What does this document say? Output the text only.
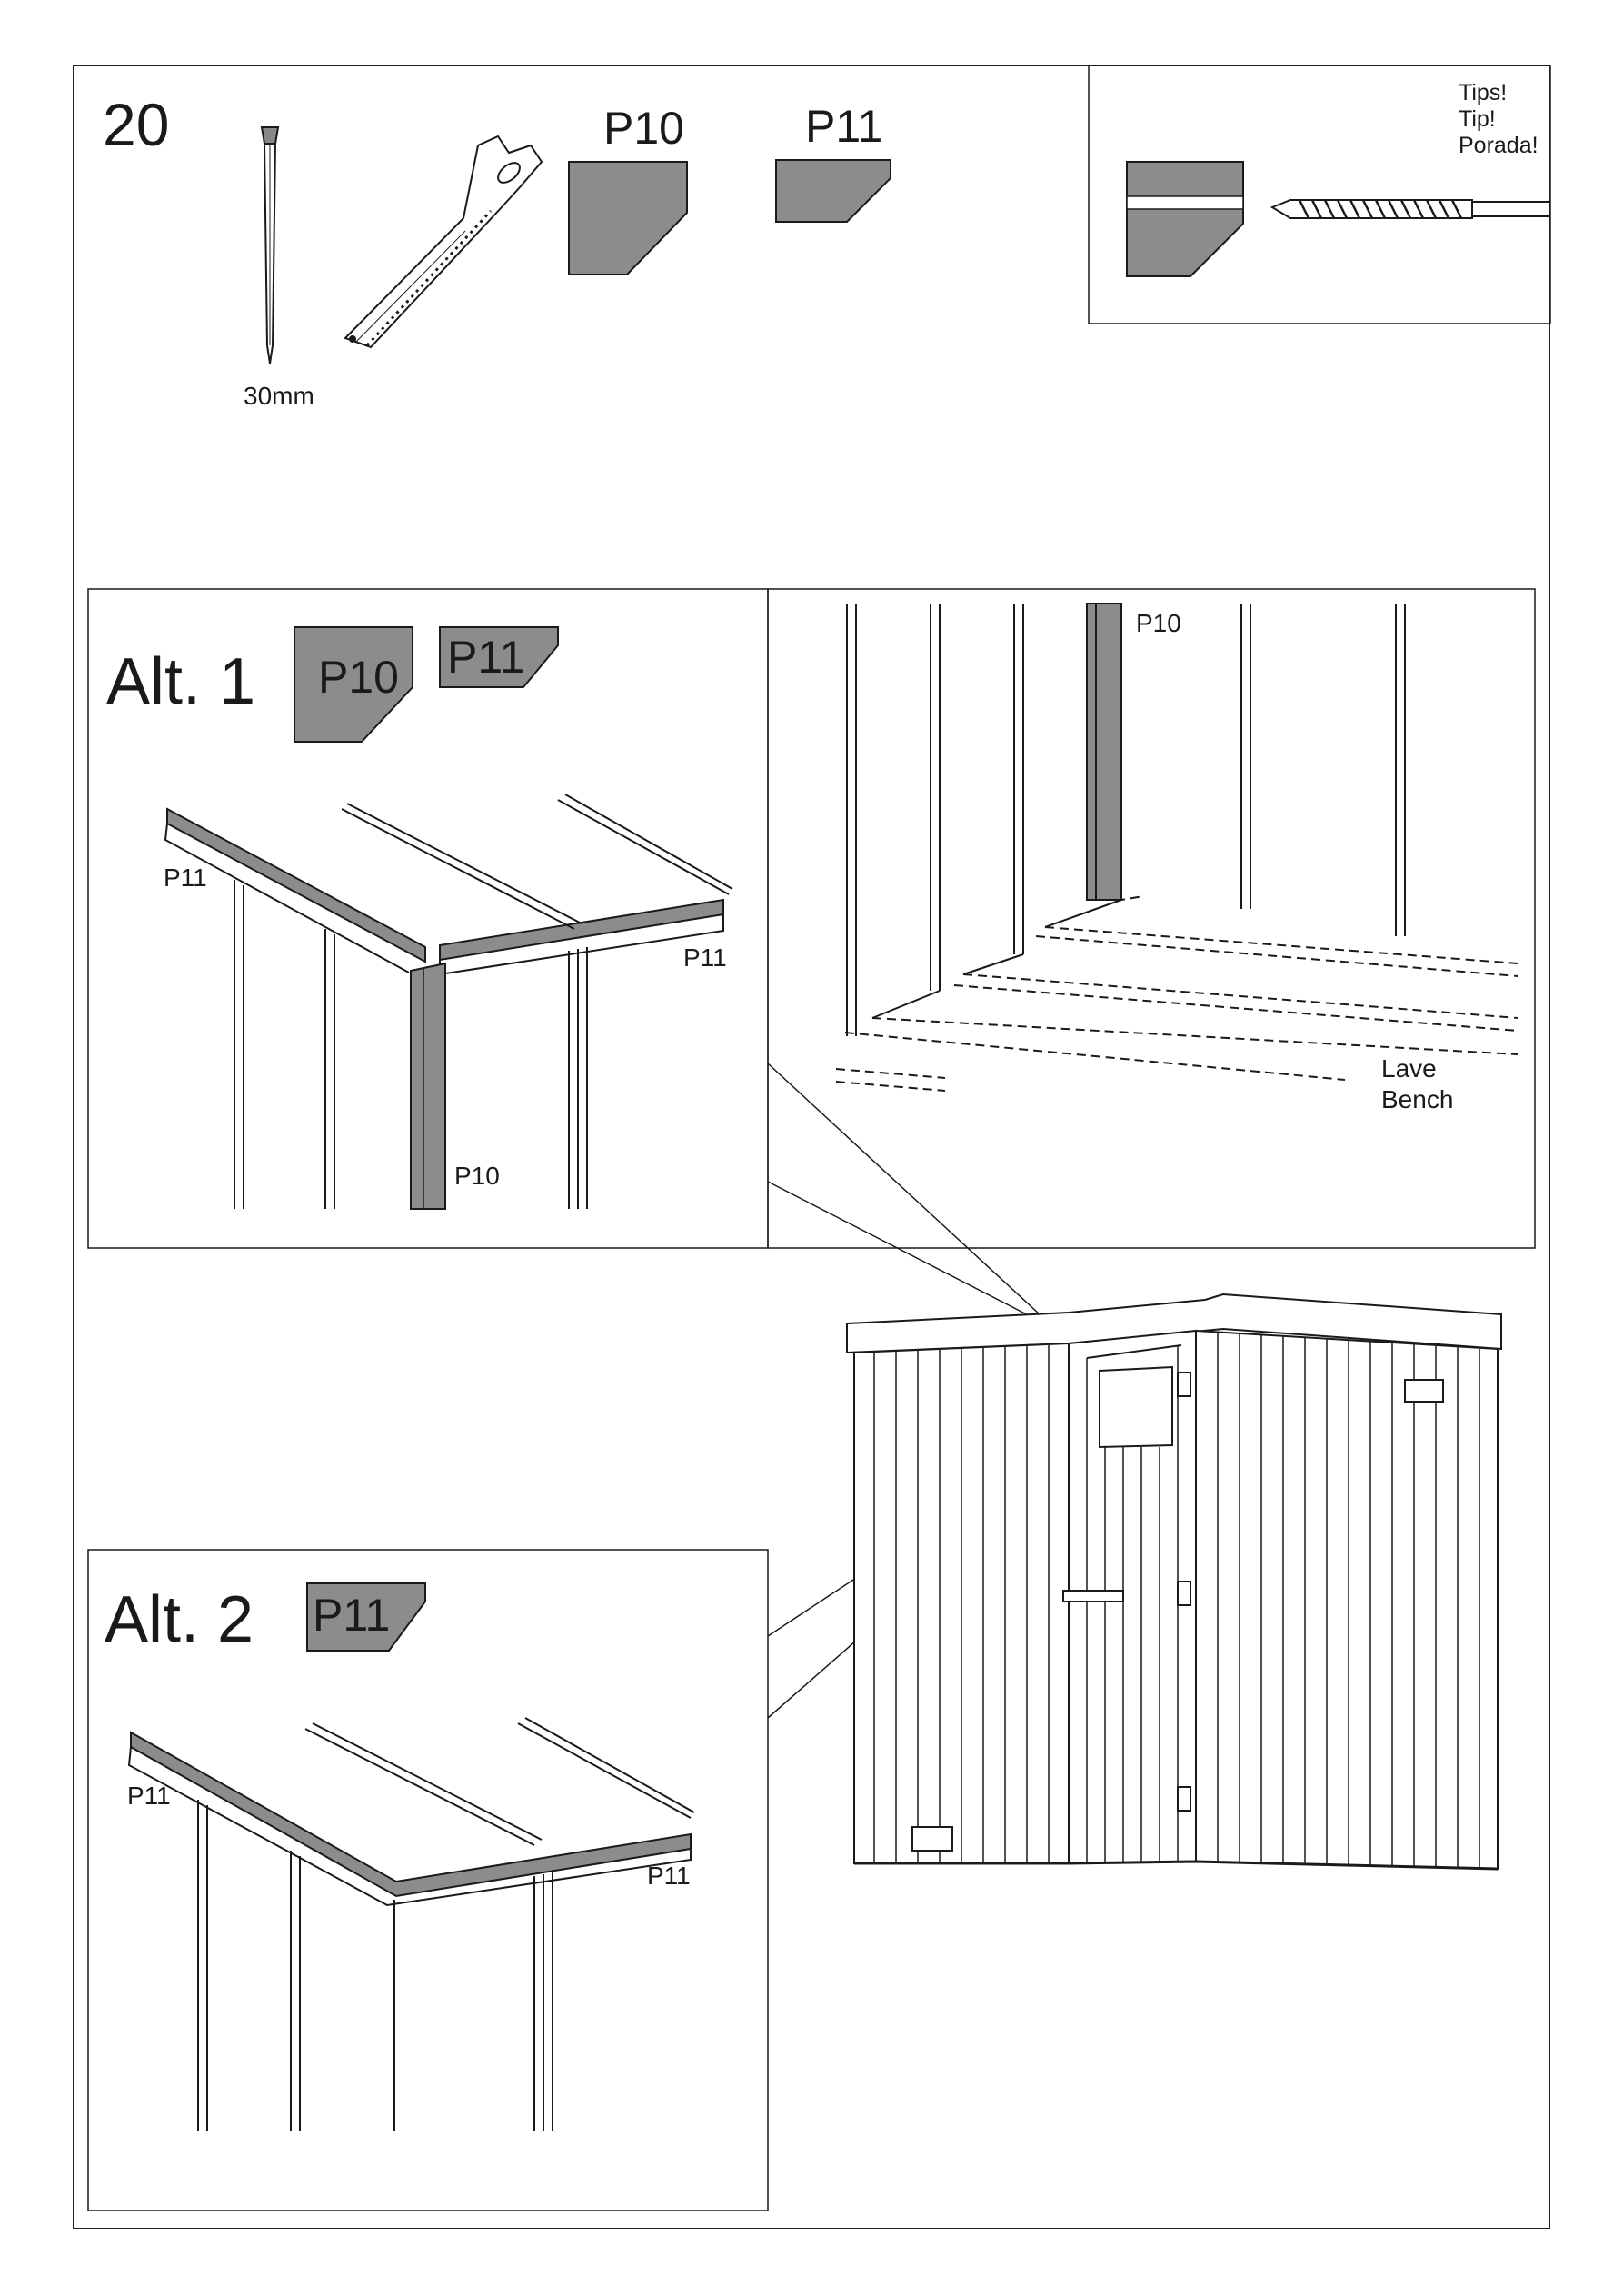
20
30mm
P10	P11
Tips!
Tip!
Porada!
Alt. 1 P10 P11
P11
P11
P10
P10
Lave
Bench
Alt. 2 P11
P11
P11
